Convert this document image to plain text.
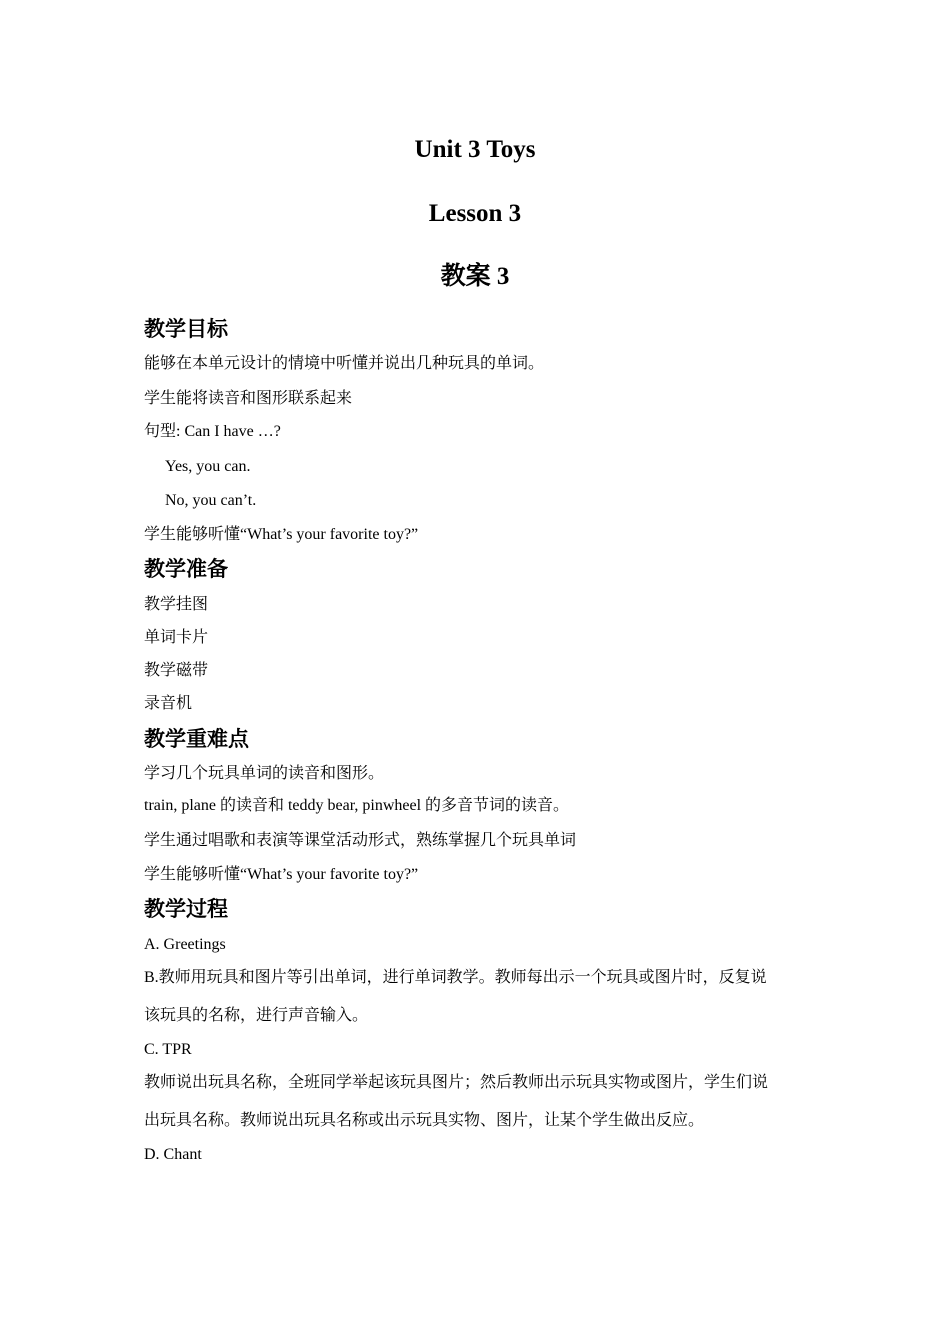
Unit 3 Toys
Lesson 3
教案 3
教学目标

能够在本单元设计的情境中听懂并说出几种玩具的单词。

学生能将读音和图形联系起来

句型: Can I have …?

Yes, you can.

No, you can’t.

学生能够听懂“What’s your favorite toy?”

教学准备

教学挂图

单词卡片

教学磁带

录音机

教学重难点

学习几个玩具单词的读音和图形。

train, plane 的读音和 teddy bear, pinwheel 的多音节词的读音。

学生通过唱歌和表演等课堂活动形式，熟练掌握几个玩具单词

学生能够听懂“What’s your favorite toy?”

教学过程

A. Greetings

B.教师用玩具和图片等引出单词，进行单词教学。教师每出示一个玩具或图片时，反复说

该玩具的名称，进行声音输入。

C. TPR

教师说出玩具名称，全班同学举起该玩具图片；然后教师出示玩具实物或图片，学生们说

出玩具名称。教师说出玩具名称或出示玩具实物、图片，让某个学生做出反应。

D. Chant
